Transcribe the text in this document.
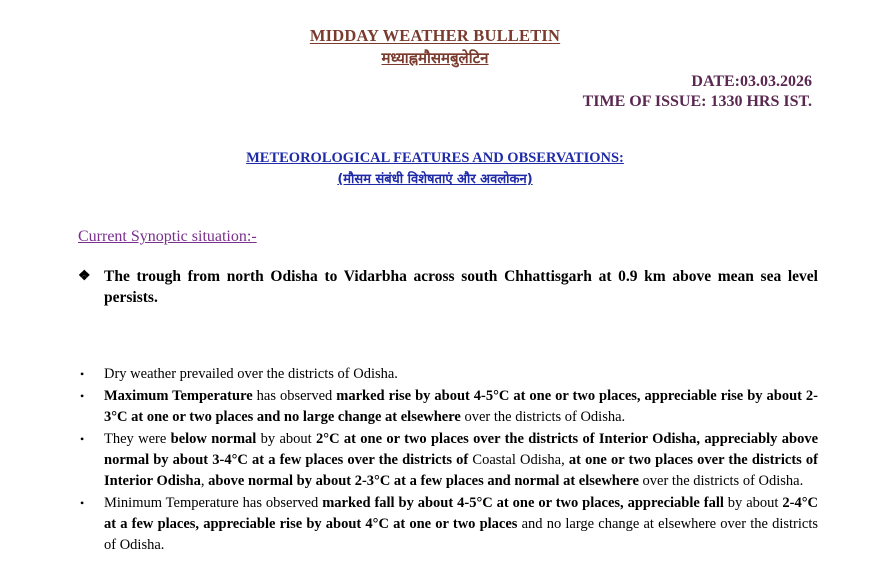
MIDDAY WEATHER BULLETIN
मध्याह्नमौसमबुलेटिन
DATE:03.03.2026
TIME OF ISSUE: 1330 HRS IST.
METEOROLOGICAL FEATURES AND OBSERVATIONS:
(मौसम संबंधी विशेषताएं और अवलोकन)
Current Synoptic situation:-
❖ The trough from north Odisha to Vidarbha across south Chhattisgarh at 0.9 km above mean sea level persists.
• Dry weather prevailed over the districts of Odisha.
• Maximum Temperature has observed marked rise by about 4-5°C at one or two places, appreciable rise by about 2-3°C at one or two places and no large change at elsewhere over the districts of Odisha.
• They were below normal by about 2°C at one or two places over the districts of Interior Odisha, appreciably above normal by about 3-4°C at a few places over the districts of Coastal Odisha, at one or two places over the districts of Interior Odisha, above normal by about 2-3°C at a few places and normal at elsewhere over the districts of Odisha.
• Minimum Temperature has observed marked fall by about 4-5°C at one or two places, appreciable fall by about 2-4°C at a few places, appreciable rise by about 4°C at one or two places and no large change at elsewhere over the districts of Odisha.
